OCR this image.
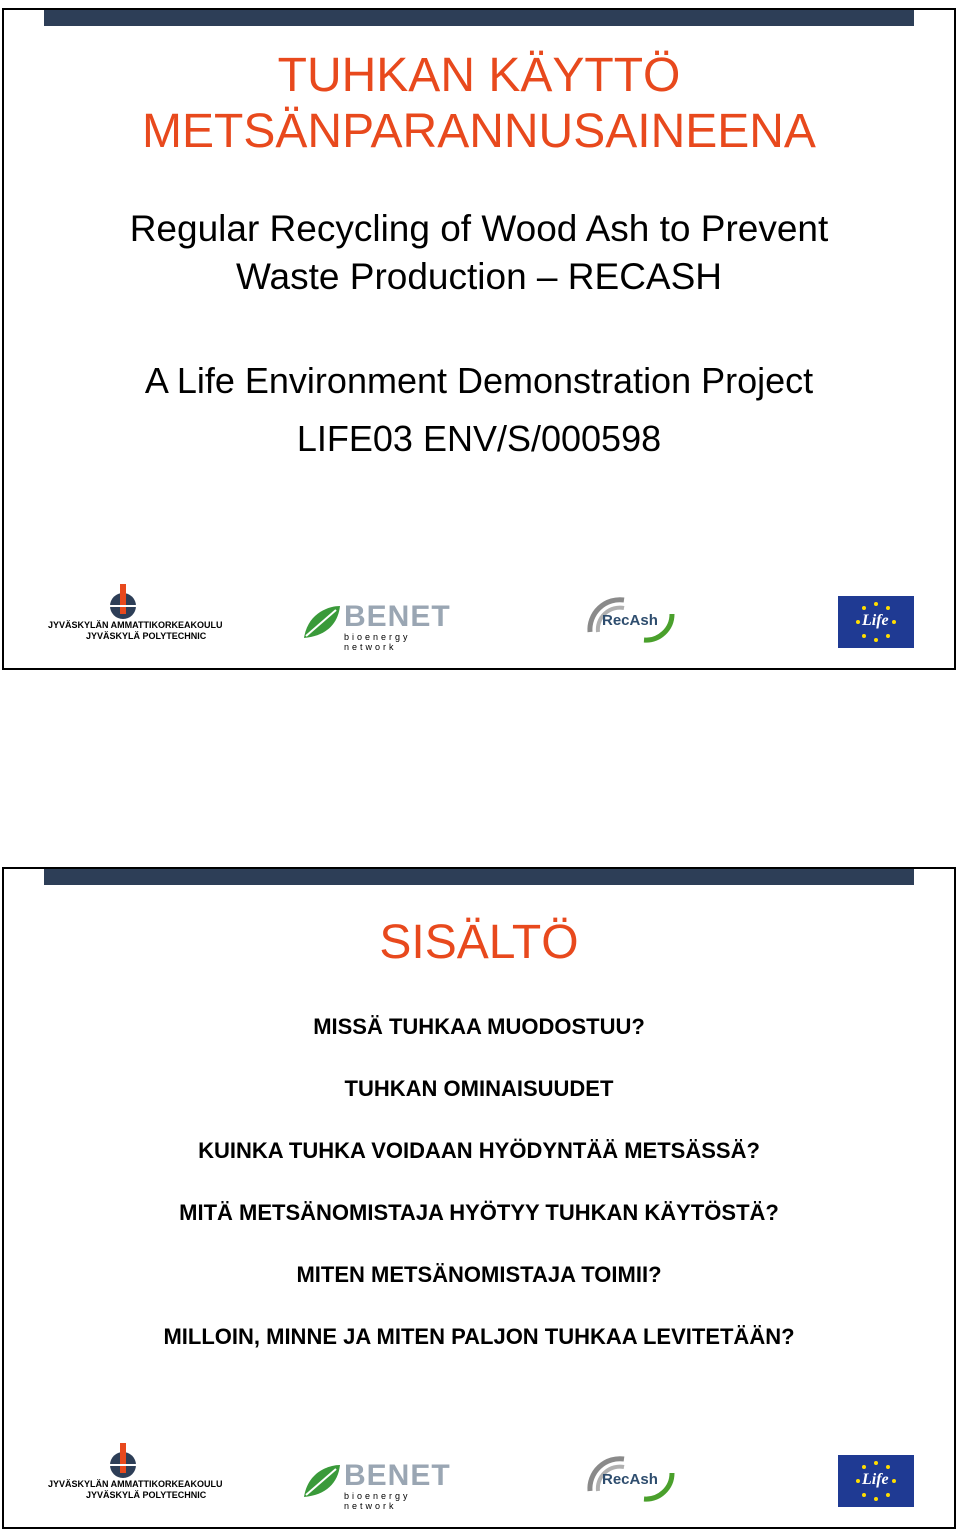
TUHKAN KÄYTTÖ
METSÄNPARANNUSAINEENA
Regular Recycling of Wood Ash to Prevent
Waste Production – RECASH
A Life Environment Demonstration Project
LIFE03 ENV/S/000598
JYVÄSKYLÄN AMMATTIKORKEAKOULU
JYVÄSKYLÄ POLYTECHNIC
BENET
bioenergy network
RecAsh	Life
SISÄLTÖ
MISSÄ TUHKAA MUODOSTUU?
TUHKAN OMINAISUUDET
KUINKA TUHKA VOIDAAN HYÖDYNTÄÄ METSÄSSÄ?
MITÄ METSÄNOMISTAJA HYÖTYY TUHKAN KÄYTÖSTÄ?
MITEN METSÄNOMISTAJA TOIMII?
MILLOIN, MINNE JA MITEN PALJON TUHKAA LEVITETÄÄN?
JYVÄSKYLÄN AMMATTIKORKEAKOULU
JYVÄSKYLÄ POLYTECHNIC
BENET
bioenergy network
RecAsh	Life
